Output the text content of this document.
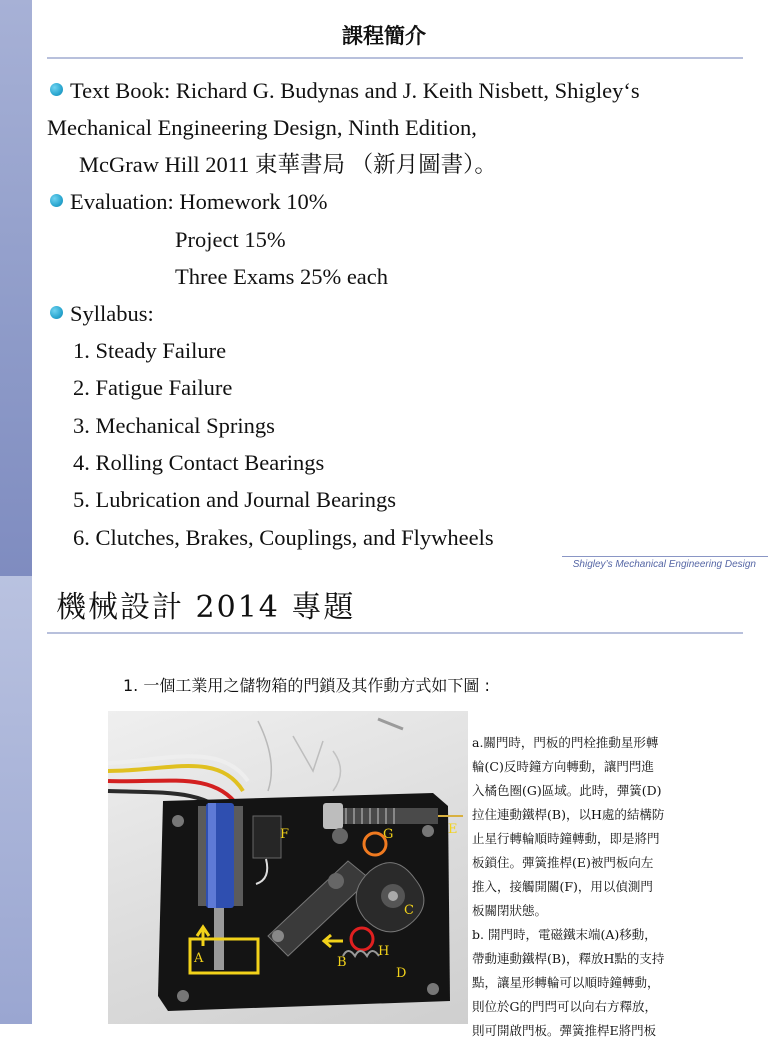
課程簡介
Text Book: Richard G. Budynas and J. Keith Nisbett, Shigley‘s
Mechanical Engineering Design, Ninth Edition,
McGraw Hill 2011 東華書局 （新月圖書）。
Evaluation: Homework 10%
Project 15%
Three Exams 25% each
Syllabus:
1. Steady Failure
2. Fatigue Failure
3. Mechanical Springs
4. Rolling Contact Bearings
5. Lubrication and Journal Bearings
6. Clutches, Brakes, Couplings, and Flywheels
Shigley’s Mechanical Engineering Design
機械設計 2014 專題
1. 一個工業用之儲物箱的門鎖及其作動方式如下圖 :
A	B
C
D
E
F	G
H
a.關門時，門板的門栓推動星形轉
輪(C)反時鐘方向轉動，讓門閂進
入橘色圈(G)區域。此時，彈簧(D)
拉住連動鐵桿(B)，以H處的結構防
止星行轉輪順時鐘轉動，即是將門
板鎖住。彈簧推桿(E)被門板向左
推入，接觸開關(F)，用以偵測門
板關閉狀態。
b. 開門時，電磁鐵末端(A)移動，
帶動連動鐵桿(B)，釋放H點的支持
點，讓星形轉輪可以順時鐘轉動，
則位於G的門閂可以向右方釋放，
則可開啟門板。彈簧推桿E將門板
